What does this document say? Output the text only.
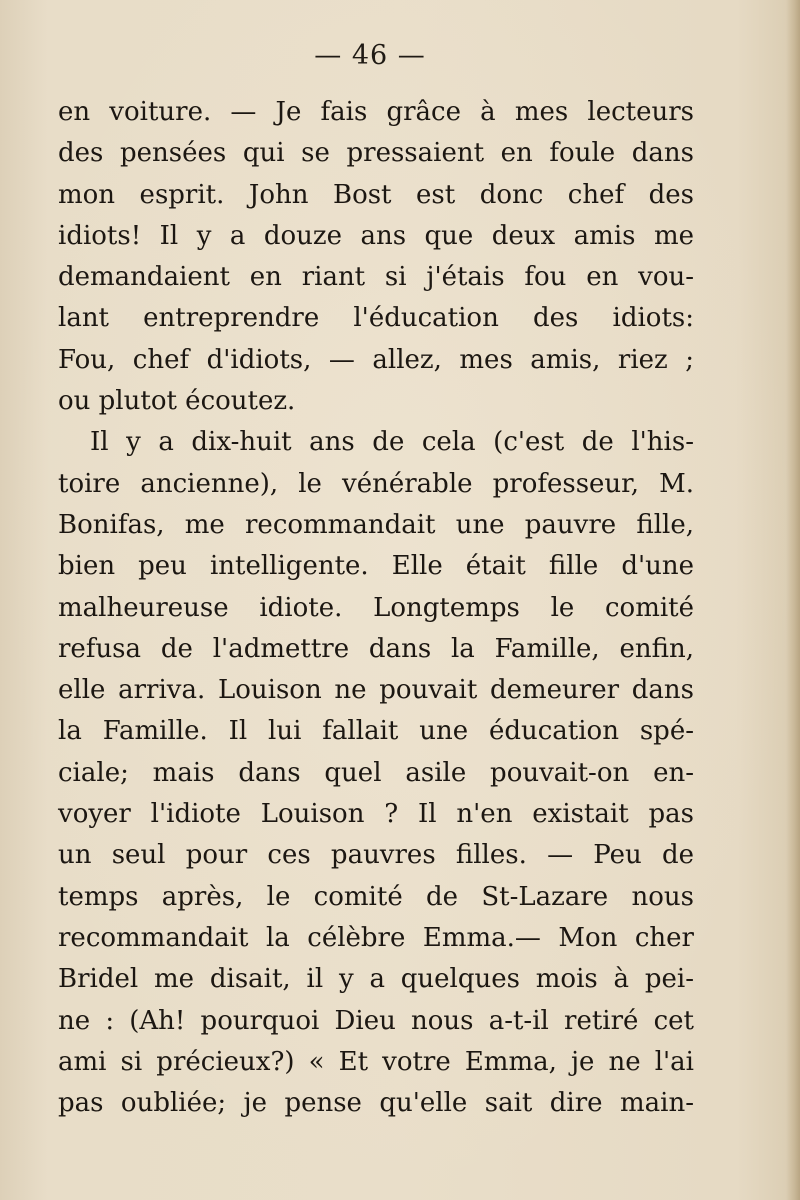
— 46 —
en voiture. — Je fais grâce à mes lecteurs
des pensées qui se pressaient en foule dans
mon esprit. John Bost est donc chef des
idiots! Il y a douze ans que deux amis me
demandaient en riant si j'étais fou en vou-
lant entreprendre l'éducation des idiots:
Fou, chef d'idiots, — allez, mes amis, riez ;
ou plutot écoutez.
Il y a dix-huit ans de cela (c'est de l'his-
toire ancienne), le vénérable professeur, M.
Bonifas, me recommandait une pauvre fille,
bien peu intelligente. Elle était fille d'une
malheureuse idiote. Longtemps le comité
refusa de l'admettre dans la Famille, enfin,
elle arriva. Louison ne pouvait demeurer dans
la Famille. Il lui fallait une éducation spé-
ciale; mais dans quel asile pouvait-on en-
voyer l'idiote Louison ? Il n'en existait pas
un seul pour ces pauvres filles. — Peu de
temps après, le comité de St-Lazare nous
recommandait la célèbre Emma.— Mon cher
Bridel me disait, il y a quelques mois à pei-
ne : (Ah! pourquoi Dieu nous a-t-il retiré cet
ami si précieux?) « Et votre Emma, je ne l'ai
pas oubliée; je pense qu'elle sait dire main-
